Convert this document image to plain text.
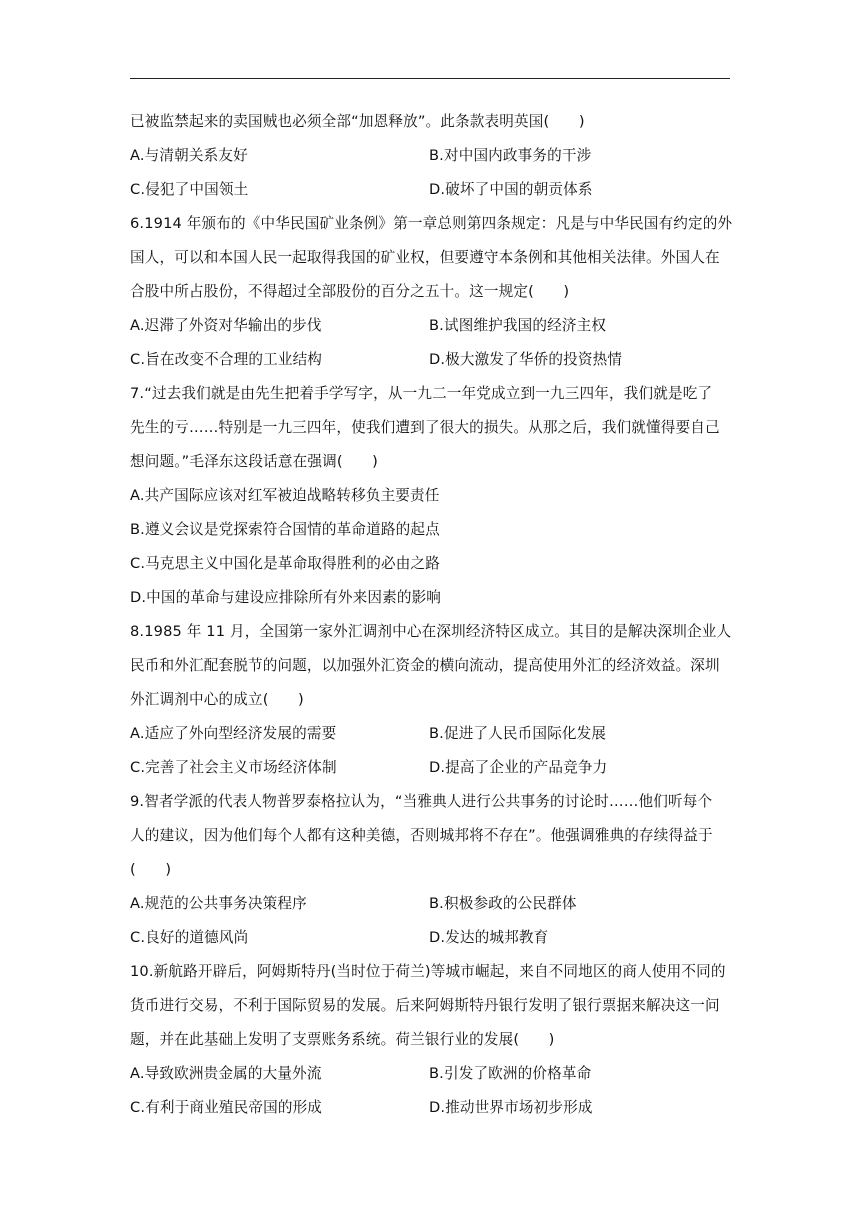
已被监禁起来的卖国贼也必须全部“加恩释放”。此条款表明英国(　　)
A.与清朝关系友好	B.对中国内政事务的干涉
C.侵犯了中国领土	D.破坏了中国的朝贡体系
6.1914 年颁布的《中华民国矿业条例》第一章总则第四条规定：凡是与中华民国有约定的外
国人，可以和本国人民一起取得我国的矿业权，但要遵守本条例和其他相关法律。外国人在
合股中所占股份，不得超过全部股份的百分之五十。这一规定(　　)
A.迟滞了外资对华输出的步伐	B.试图维护我国的经济主权
C.旨在改变不合理的工业结构	D.极大激发了华侨的投资热情
7.“过去我们就是由先生把着手学写字，从一九二一年党成立到一九三四年，我们就是吃了
先生的亏……特别是一九三四年，使我们遭到了很大的损失。从那之后，我们就懂得要自己
想问题。”毛泽东这段话意在强调(　　)
A.共产国际应该对红军被迫战略转移负主要责任
B.遵义会议是党探索符合国情的革命道路的起点
C.马克思主义中国化是革命取得胜利的必由之路
D.中国的革命与建设应排除所有外来因素的影响
8.1985 年 11 月，全国第一家外汇调剂中心在深圳经济特区成立。其目的是解决深圳企业人
民币和外汇配套脱节的问题，以加强外汇资金的横向流动，提高使用外汇的经济效益。深圳
外汇调剂中心的成立(　　)
A.适应了外向型经济发展的需要	B.促进了人民币国际化发展
C.完善了社会主义市场经济体制	D.提高了企业的产品竞争力
9.智者学派的代表人物普罗泰格拉认为，“当雅典人进行公共事务的讨论时……他们听每个
人的建议，因为他们每个人都有这种美德，否则城邦将不存在”。他强调雅典的存续得益于
(　　)
A.规范的公共事务决策程序	B.积极参政的公民群体
C.良好的道德风尚	D.发达的城邦教育
10.新航路开辟后，阿姆斯特丹(当时位于荷兰)等城市崛起，来自不同地区的商人使用不同的
货币进行交易，不利于国际贸易的发展。后来阿姆斯特丹银行发明了银行票据来解决这一问
题，并在此基础上发明了支票账务系统。荷兰银行业的发展(　　)
A.导致欧洲贵金属的大量外流	B.引发了欧洲的价格革命
C.有利于商业殖民帝国的形成	D.推动世界市场初步形成
